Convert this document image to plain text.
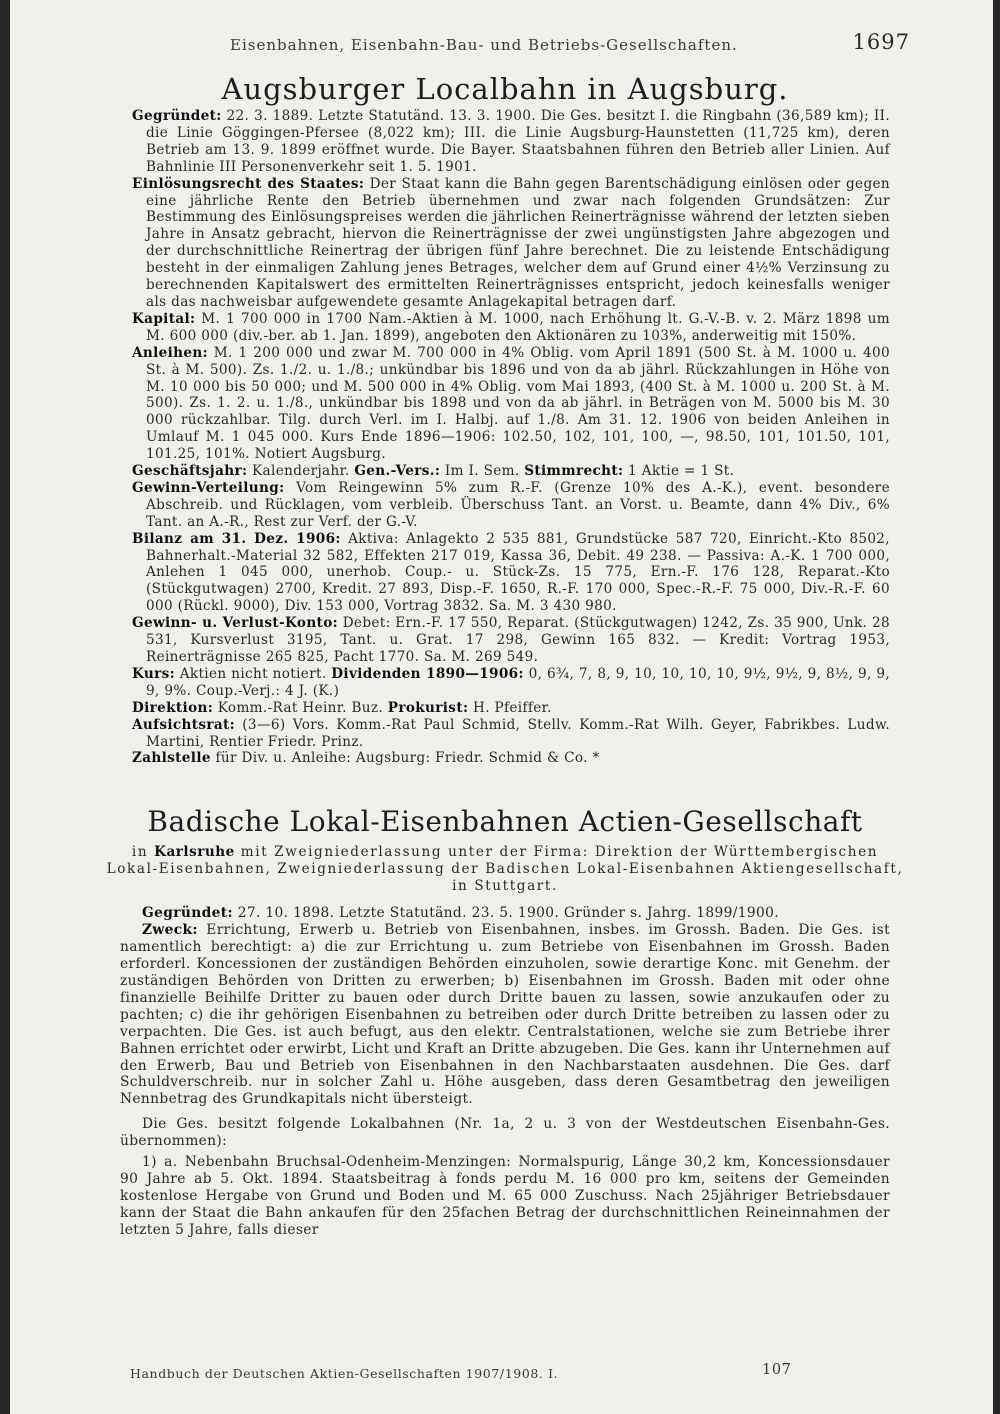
Eisenbahnen, Eisenbahn-Bau- und Betriebs-Gesellschaften.	1697
Augsburger Localbahn in Augsburg.

Gegründet: 22. 3. 1889. Letzte Statutänd. 13. 3. 1900. Die Ges. besitzt I. die Ringbahn (36,589 km); II. die Linie Göggingen-Pfersee (8,022 km); III. die Linie Augsburg-Haunstetten (11,725 km), deren Betrieb am 13. 9. 1899 eröffnet wurde. Die Bayer. Staatsbahnen führen den Betrieb aller Linien. Auf Bahnlinie III Personenverkehr seit 1. 5. 1901.

Einlösungsrecht des Staates: Der Staat kann die Bahn gegen Barentschädigung einlösen oder gegen eine jährliche Rente den Betrieb übernehmen und zwar nach folgenden Grundsätzen: Zur Bestimmung des Einlösungspreises werden die jährlichen Reinerträgnisse während der letzten sieben Jahre in Ansatz gebracht, hiervon die Reinerträgnisse der zwei ungünstigsten Jahre abgezogen und der durchschnittliche Reinertrag der übrigen fünf Jahre berechnet. Die zu leistende Entschädigung besteht in der einmaligen Zahlung jenes Betrages, welcher dem auf Grund einer 4½% Verzinsung zu berechnenden Kapitalswert des ermittelten Reinerträgnisses entspricht, jedoch keinesfalls weniger als das nachweisbar aufgewendete gesamte Anlagekapital betragen darf.

Kapital: M. 1 700 000 in 1700 Nam.-Aktien à M. 1000, nach Erhöhung lt. G.-V.-B. v. 2. März 1898 um M. 600 000 (div.-ber. ab 1. Jan. 1899), angeboten den Aktionären zu 103%, anderweitig mit 150%.

Anleihen: M. 1 200 000 und zwar M. 700 000 in 4% Oblig. vom April 1891 (500 St. à M. 1000 u. 400 St. à M. 500). Zs. 1./2. u. 1./8.; unkündbar bis 1896 und von da ab jährl. Rückzahlungen in Höhe von M. 10 000 bis 50 000; und M. 500 000 in 4% Oblig. vom Mai 1893, (400 St. à M. 1000 u. 200 St. à M. 500). Zs. 1. 2. u. 1./8., unkündbar bis 1898 und von da ab jährl. in Beträgen von M. 5000 bis M. 30 000 rückzahlbar. Tilg. durch Verl. im I. Halbj. auf 1./8. Am 31. 12. 1906 von beiden Anleihen in Umlauf M. 1 045 000. Kurs Ende 1896—1906: 102.50, 102, 101, 100, —, 98.50, 101, 101.50, 101, 101.25, 101%. Notiert Augsburg.

Geschäftsjahr: Kalenderjahr. Gen.-Vers.: Im I. Sem. Stimmrecht: 1 Aktie = 1 St.

Gewinn-Verteilung: Vom Reingewinn 5% zum R.-F. (Grenze 10% des A.-K.), event. besondere Abschreib. und Rücklagen, vom verbleib. Überschuss Tant. an Vorst. u. Beamte, dann 4% Div., 6% Tant. an A.-R., Rest zur Verf. der G.-V.

Bilanz am 31. Dez. 1906: Aktiva: Anlagekto 2 535 881, Grundstücke 587 720, Einricht.-Kto 8502, Bahnerhalt.-Material 32 582, Effekten 217 019, Kassa 36, Debit. 49 238. — Passiva: A.-K. 1 700 000, Anlehen 1 045 000, unerhob. Coup.- u. Stück-Zs. 15 775, Ern.-F. 176 128, Reparat.-Kto (Stückgutwagen) 2700, Kredit. 27 893, Disp.-F. 1650, R.-F. 170 000, Spec.-R.-F. 75 000, Div.-R.-F. 60 000 (Rückl. 9000), Div. 153 000, Vortrag 3832. Sa. M. 3 430 980.

Gewinn- u. Verlust-Konto: Debet: Ern.-F. 17 550, Reparat. (Stückgutwagen) 1242, Zs. 35 900, Unk. 28 531, Kursverlust 3195, Tant. u. Grat. 17 298, Gewinn 165 832. — Kredit: Vortrag 1953, Reinerträgnisse 265 825, Pacht 1770. Sa. M. 269 549.

Kurs: Aktien nicht notiert. Dividenden 1890—1906: 0, 6¾, 7, 8, 9, 10, 10, 10, 10, 9½, 9½, 9, 8½, 9, 9, 9, 9%. Coup.-Verj.: 4 J. (K.)

Direktion: Komm.-Rat Heinr. Buz. Prokurist: H. Pfeiffer.

Aufsichtsrat: (3—6) Vors. Komm.-Rat Paul Schmid, Stellv. Komm.-Rat Wilh. Geyer, Fabrikbes. Ludw. Martini, Rentier Friedr. Prinz.

Zahlstelle für Div. u. Anleihe: Augsburg: Friedr. Schmid & Co. *

Badische Lokal-Eisenbahnen Actien-Gesellschaft

in Karlsruhe mit Zweigniederlassung unter der Firma: Direktion der Württembergischen Lokal-Eisenbahnen, Zweigniederlassung der Badischen Lokal-Eisenbahnen Aktiengesellschaft, in Stuttgart.

Gegründet: 27. 10. 1898. Letzte Statutänd. 23. 5. 1900. Gründer s. Jahrg. 1899/1900.

Zweck: Errichtung, Erwerb u. Betrieb von Eisenbahnen, insbes. im Grossh. Baden. Die Ges. ist namentlich berechtigt: a) die zur Errichtung u. zum Betriebe von Eisenbahnen im Grossh. Baden erforderl. Koncessionen der zuständigen Behörden einzuholen, sowie derartige Konc. mit Genehm. der zuständigen Behörden von Dritten zu erwerben; b) Eisenbahnen im Grossh. Baden mit oder ohne finanzielle Beihilfe Dritter zu bauen oder durch Dritte bauen zu lassen, sowie anzukaufen oder zu pachten; c) die ihr gehörigen Eisenbahnen zu betreiben oder durch Dritte betreiben zu lassen oder zu verpachten. Die Ges. ist auch befugt, aus den elektr. Centralstationen, welche sie zum Betriebe ihrer Bahnen errichtet oder erwirbt, Licht und Kraft an Dritte abzugeben. Die Ges. kann ihr Unternehmen auf den Erwerb, Bau und Betrieb von Eisenbahnen in den Nachbarstaaten ausdehnen. Die Ges. darf Schuldverschreib. nur in solcher Zahl u. Höhe ausgeben, dass deren Gesamtbetrag den jeweiligen Nennbetrag des Grundkapitals nicht übersteigt.

Die Ges. besitzt folgende Lokalbahnen (Nr. 1a, 2 u. 3 von der Westdeutschen Eisenbahn-Ges. übernommen):

1) a. Nebenbahn Bruchsal-Odenheim-Menzingen: Normalspurig, Länge 30,2 km, Koncessionsdauer 90 Jahre ab 5. Okt. 1894. Staatsbeitrag à fonds perdu M. 16 000 pro km, seitens der Gemeinden kostenlose Hergabe von Grund und Boden und M. 65 000 Zuschuss. Nach 25jähriger Betriebsdauer kann der Staat die Bahn ankaufen für den 25fachen Betrag der durchschnittlichen Reineinnahmen der letzten 5 Jahre, falls dieser

Handbuch der Deutschen Aktien-Gesellschaften 1907/1908. I.	107
